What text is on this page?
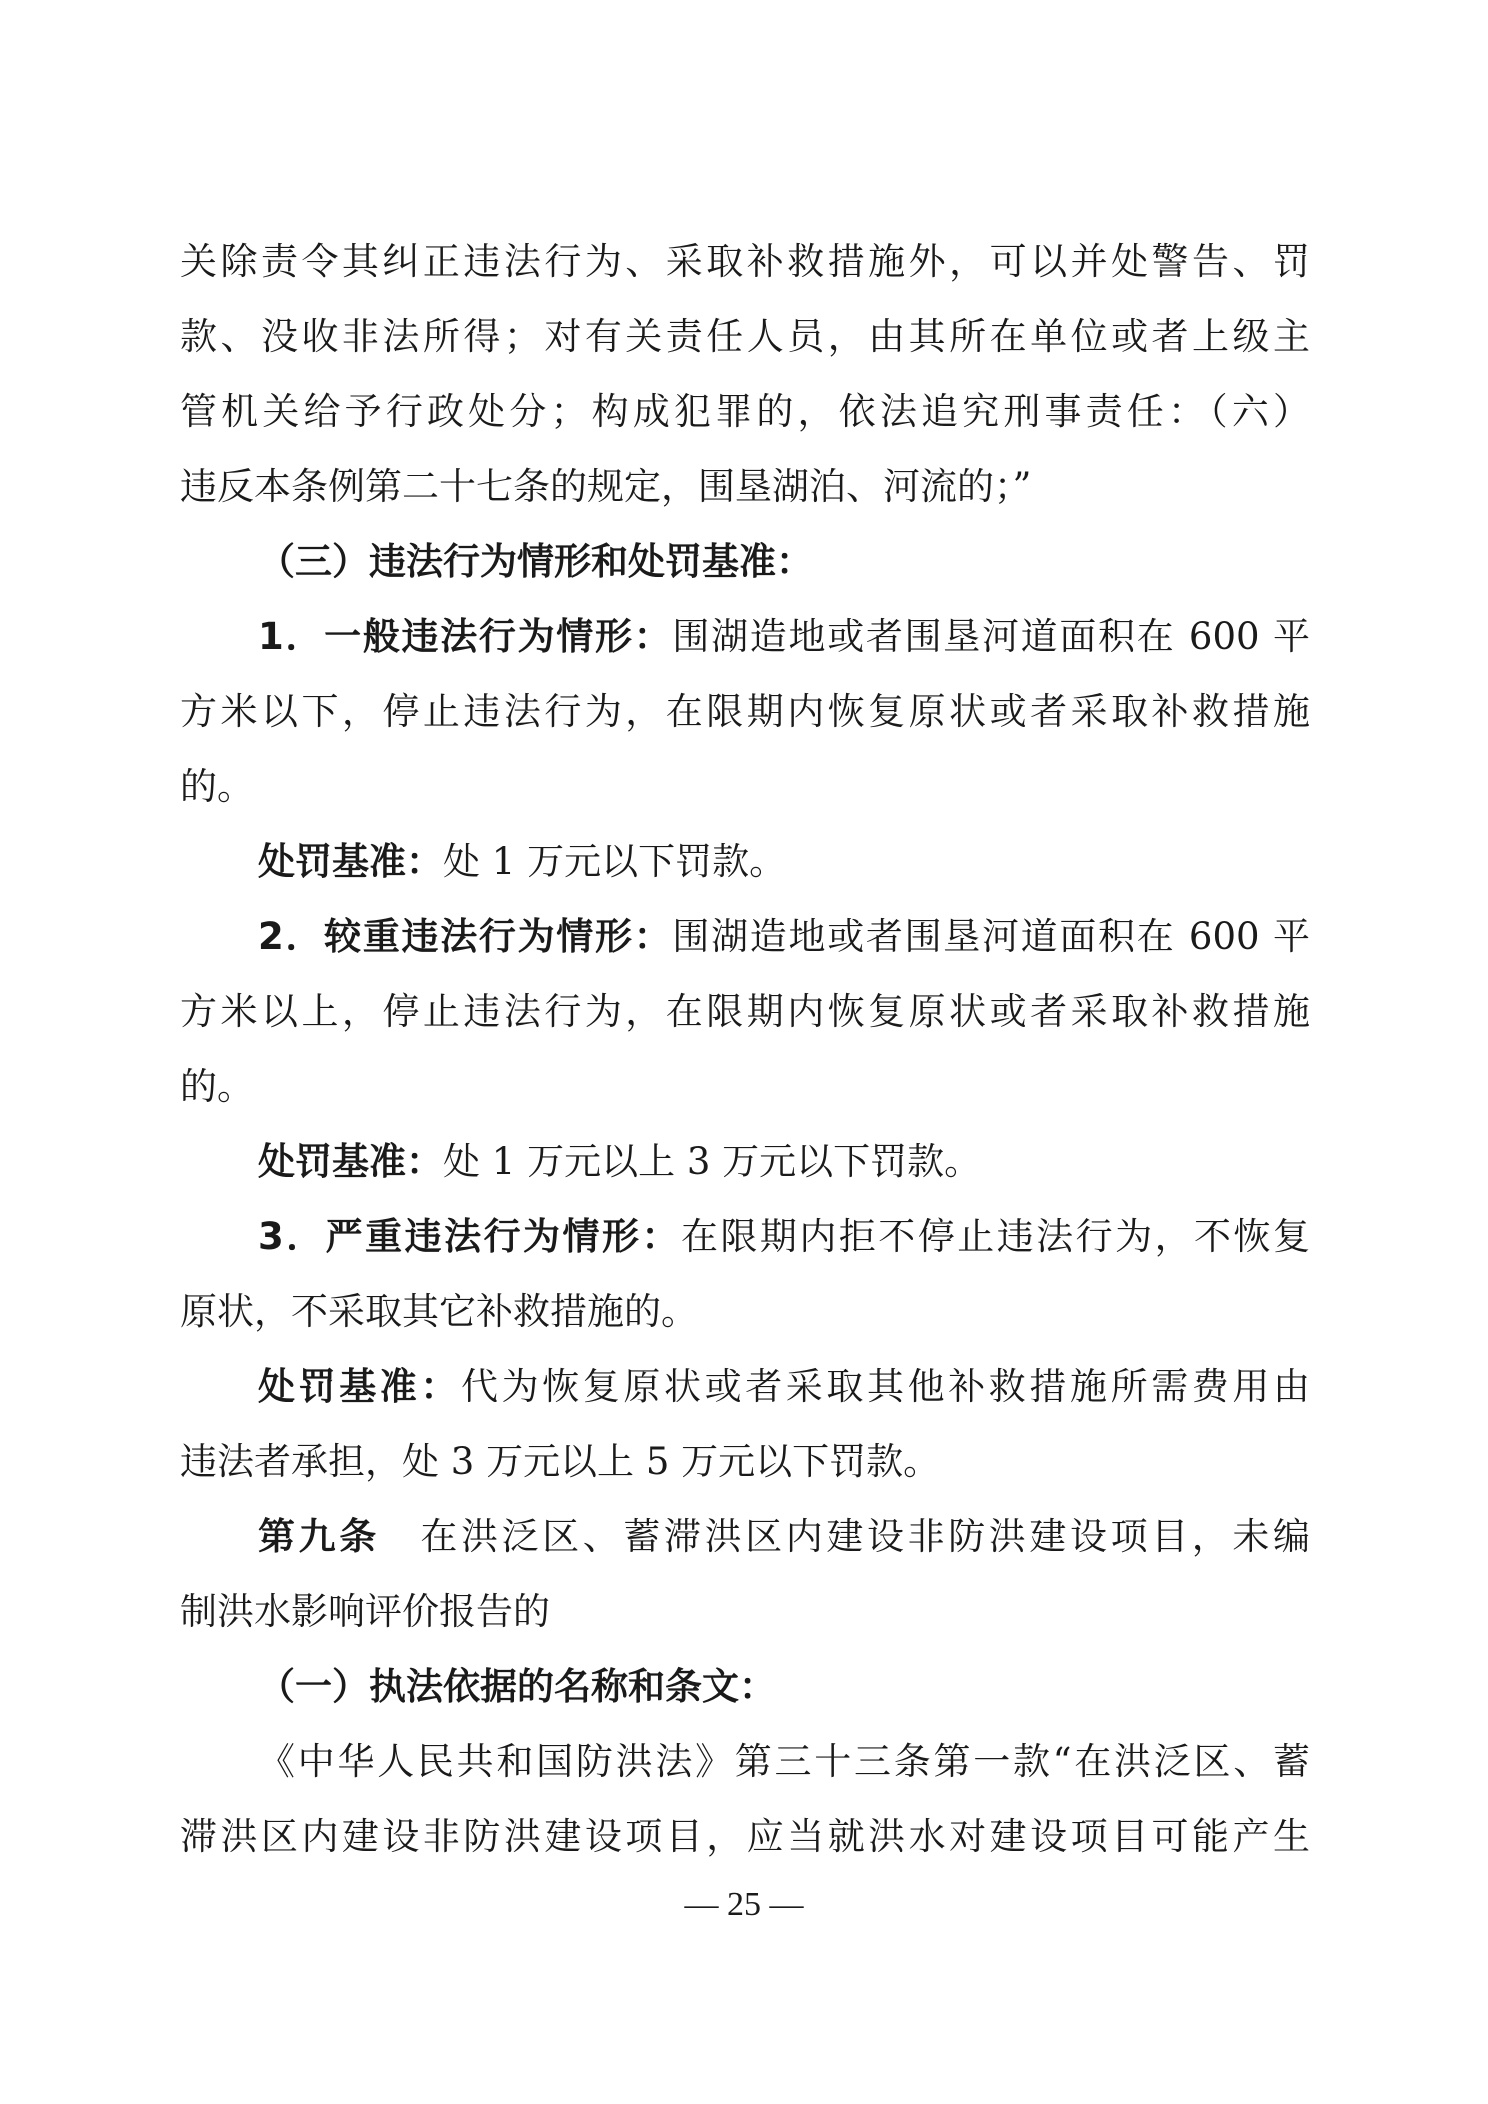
关除责令其纠正违法行为、采取补救措施外，可以并处警告、罚
款、没收非法所得；对有关责任人员，由其所在单位或者上级主
管机关给予行政处分；构成犯罪的，依法追究刑事责任：（六）
违反本条例第二十七条的规定，围垦湖泊、河流的；”
（三）违法行为情形和处罚基准：
1．一般违法行为情形：围湖造地或者围垦河道面积在 600 平
方米以下，停止违法行为，在限期内恢复原状或者采取补救措施
的。
处罚基准：处 1 万元以下罚款。
2．较重违法行为情形：围湖造地或者围垦河道面积在 600 平
方米以上，停止违法行为，在限期内恢复原状或者采取补救措施
的。
处罚基准：处 1 万元以上 3 万元以下罚款。
3．严重违法行为情形：在限期内拒不停止违法行为，不恢复
原状，不采取其它补救措施的。
处罚基准：代为恢复原状或者采取其他补救措施所需费用由
违法者承担，处 3 万元以上 5 万元以下罚款。
第九条　在洪泛区、蓄滞洪区内建设非防洪建设项目，未编
制洪水影响评价报告的
（一）执法依据的名称和条文：
《中华人民共和国防洪法》第三十三条第一款“在洪泛区、蓄
滞洪区内建设非防洪建设项目，应当就洪水对建设项目可能产生
— 25 —
